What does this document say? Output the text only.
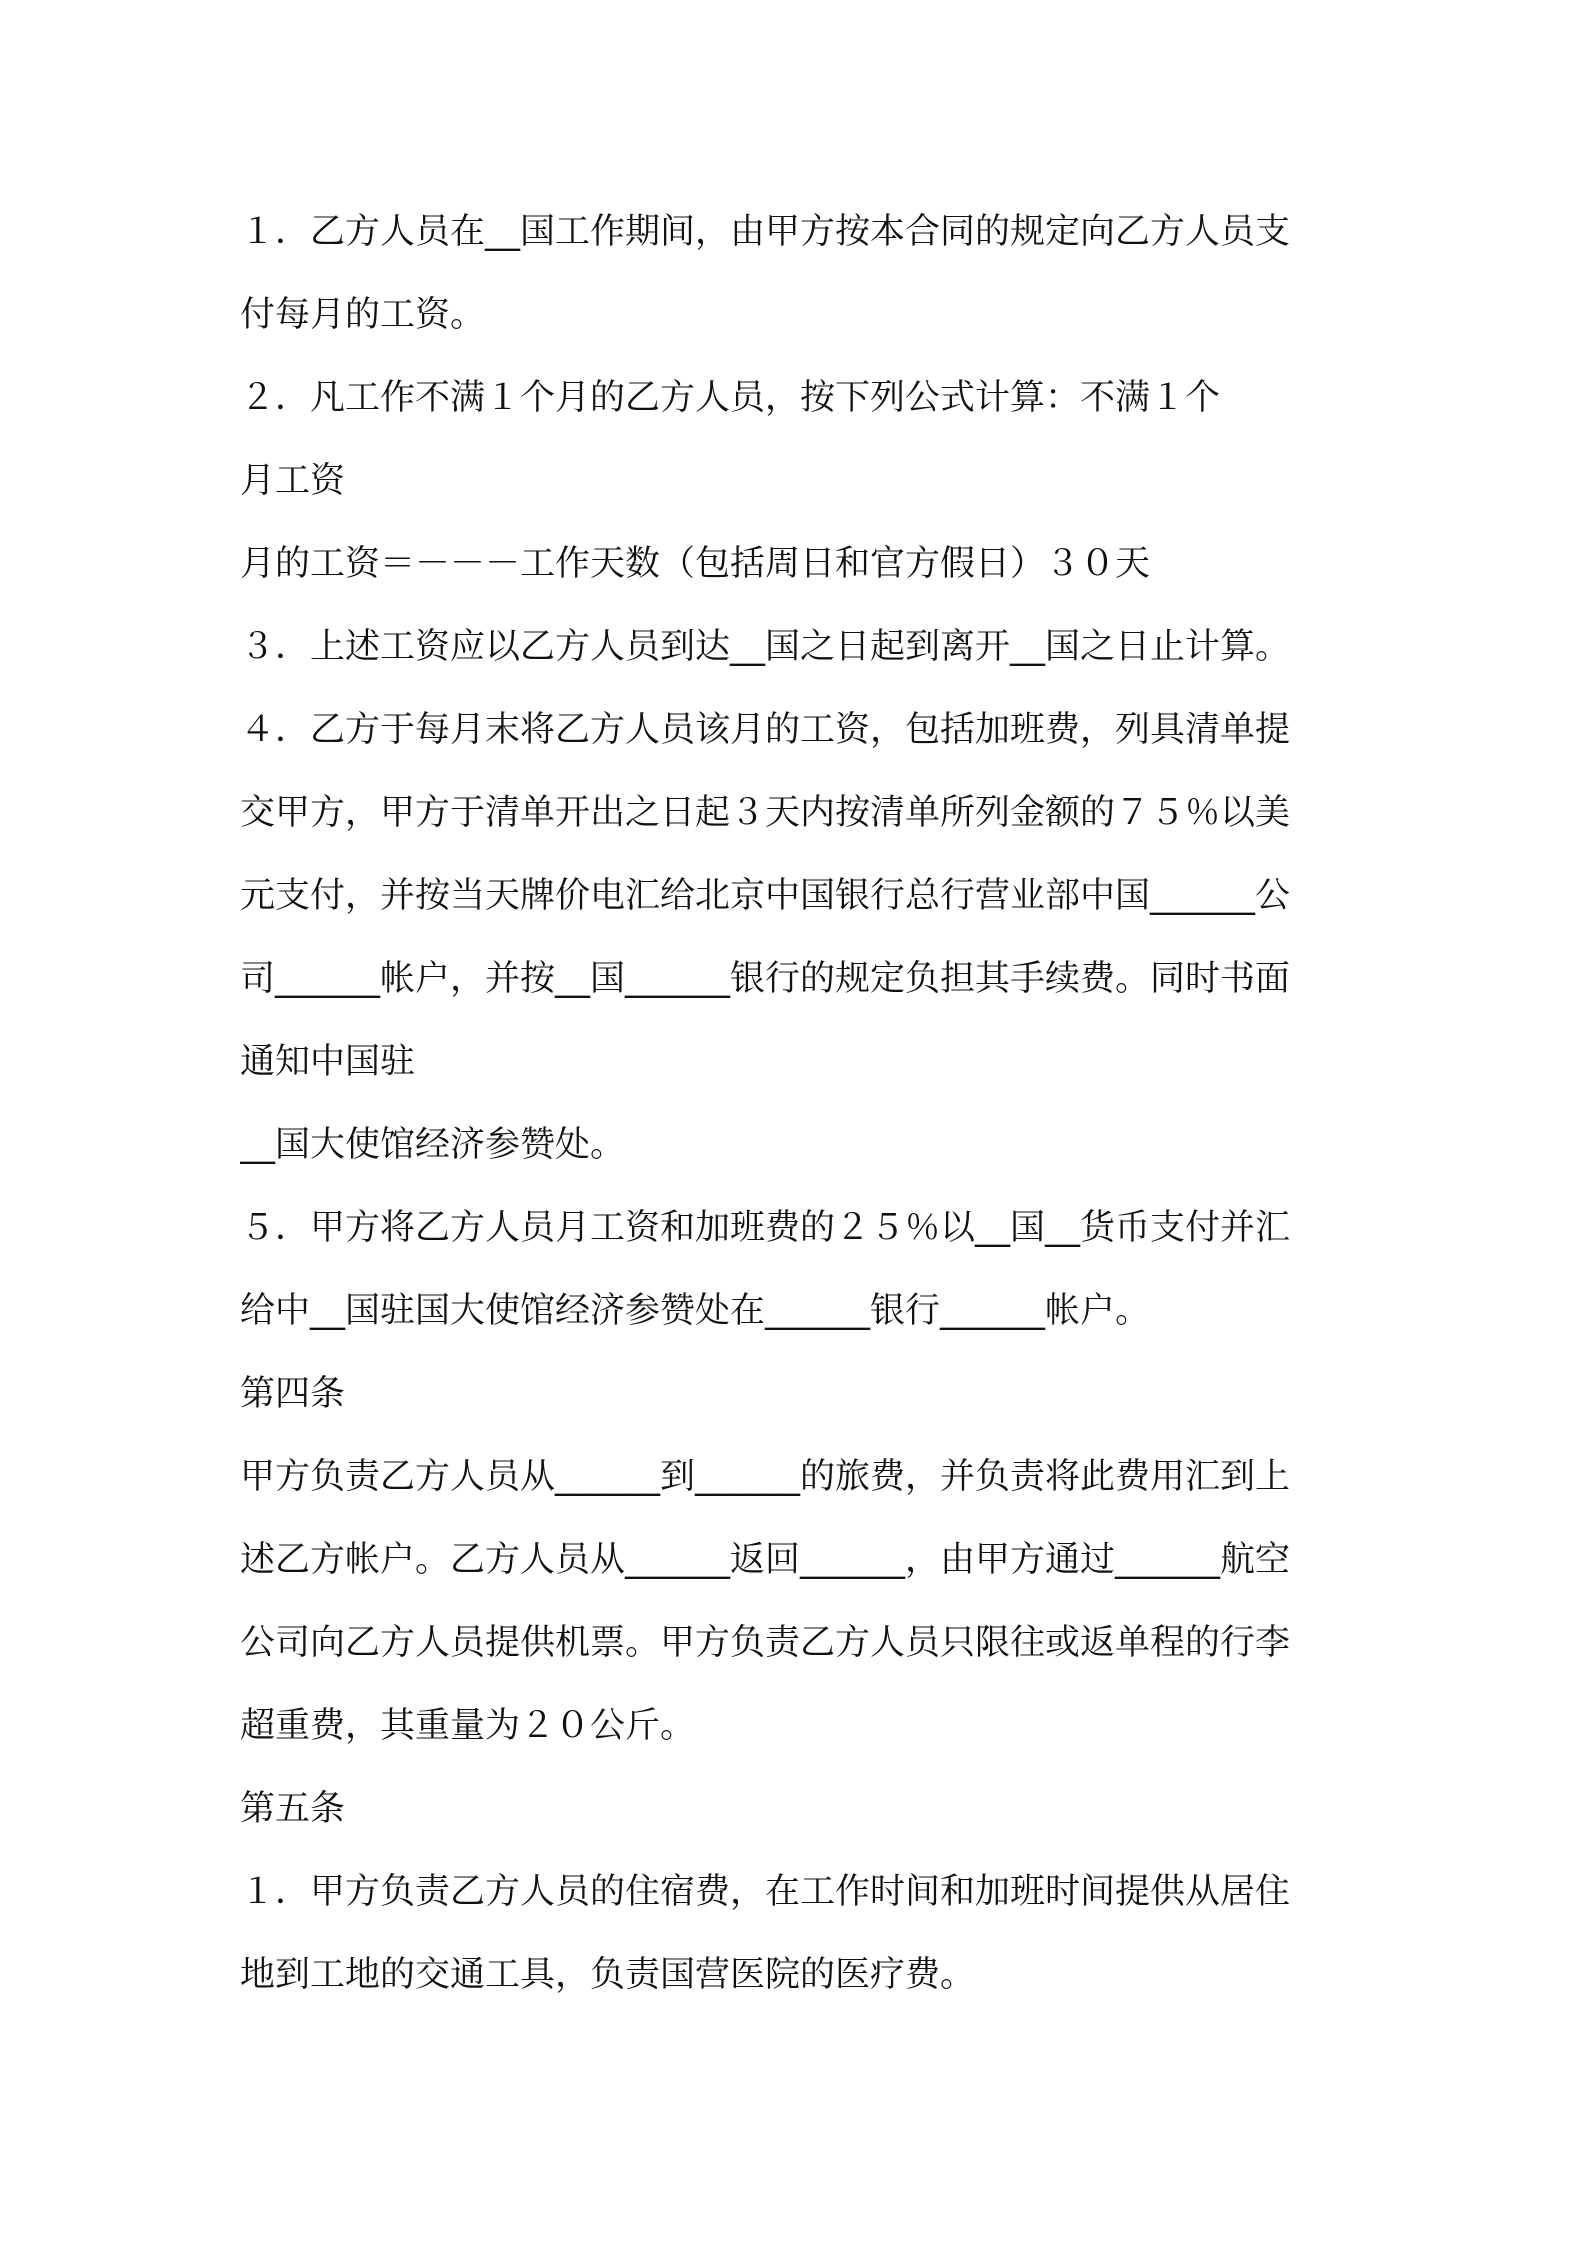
１．乙方人员在__国工作期间，由甲方按本合同的规定向乙方人员支
付每月的工资。
２．凡工作不满１个月的乙方人员，按下列公式计算：不满１个
月工资
月的工资＝－－－工作天数（包括周日和官方假日）３０天
３．上述工资应以乙方人员到达__国之日起到离开__国之日止计算。
４．乙方于每月末将乙方人员该月的工资，包括加班费，列具清单提
交甲方，甲方于清单开出之日起３天内按清单所列金额的７５％以美
元支付，并按当天牌价电汇给北京中国银行总行营业部中国______公
司______帐户，并按__国______银行的规定负担其手续费。同时书面
通知中国驻
__国大使馆经济参赞处。
５．甲方将乙方人员月工资和加班费的２５％以__国__货币支付并汇
给中__国驻国大使馆经济参赞处在______银行______帐户。
第四条
甲方负责乙方人员从______到______的旅费，并负责将此费用汇到上
述乙方帐户。乙方人员从______返回______，由甲方通过______航空
公司向乙方人员提供机票。甲方负责乙方人员只限往或返单程的行李
超重费，其重量为２０公斤。
第五条
１．甲方负责乙方人员的住宿费，在工作时间和加班时间提供从居住
地到工地的交通工具，负责国营医院的医疗费。
